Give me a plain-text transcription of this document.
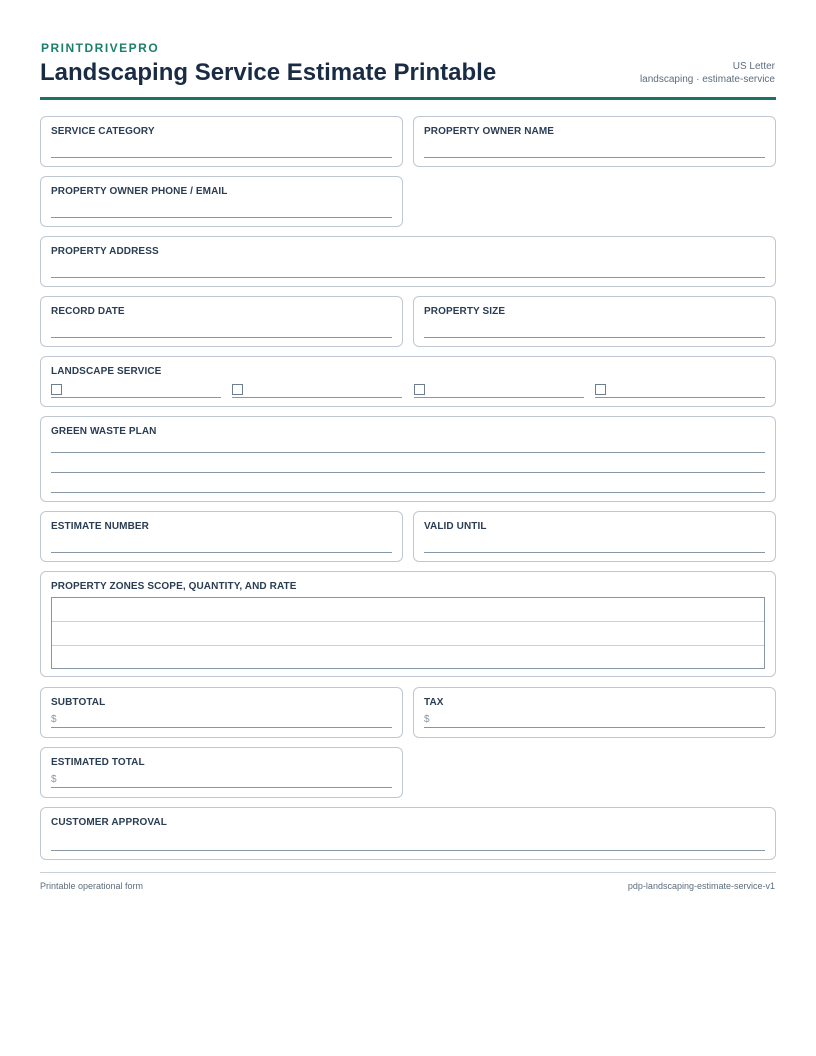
PRINTDRIVEPRO
Landscaping Service Estimate Printable	US Letter
landscaping · estimate-service
SERVICE CATEGORY	PROPERTY OWNER NAME
PROPERTY OWNER PHONE / EMAIL
PROPERTY ADDRESS
RECORD DATE	PROPERTY SIZE
LANDSCAPE SERVICE
GREEN WASTE PLAN
ESTIMATE NUMBER	VALID UNTIL
PROPERTY ZONES SCOPE, QUANTITY, AND RATE
SUBTOTAL
$
TAX
$
ESTIMATED TOTAL
$
CUSTOMER APPROVAL
Printable operational form	pdp-landscaping-estimate-service-v1
